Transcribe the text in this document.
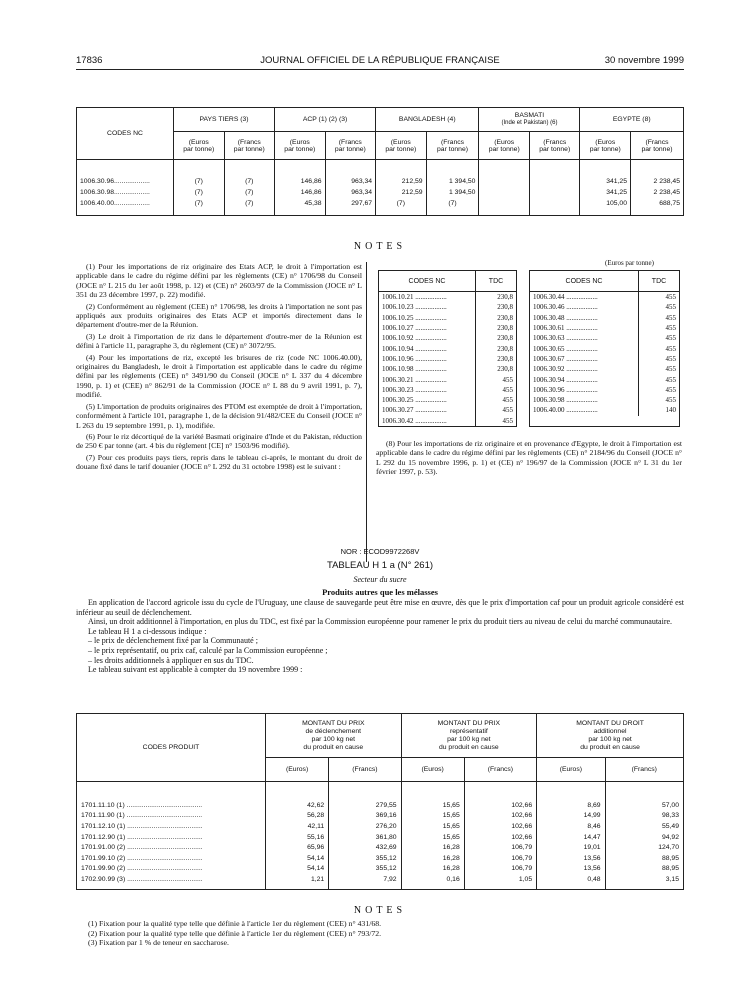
17836	JOURNAL OFFICIEL DE LA RÉPUBLIQUE FRANÇAISE	30 novembre 1999
CODES NC	PAYS TIERS (3)		ACP (1) (2) (3)		BANGLADESH (4)		BASMATI
(Inde et Pakistan) (6)		EGYPTE (8)	
	(Euros
par tonne)	(Francs
par tonne)	(Euros
par tonne)	(Francs
par tonne)	(Euros
par tonne)	(Francs
par tonne)	(Euros
par tonne)	(Francs
par tonne)	(Euros
par tonne)	(Francs
par tonne)

1006.30.96...................	(7)	(7)	146,86	963,34	212,59	1 394,50			341,25	2 238,45
1006.30.98...................	(7)	(7)	146,86	963,34	212,59	1 394,50			341,25	2 238,45
1006.40.00...................	(7)	(7)	45,38	297,67	(7)	(7)			105,00	688,75
NOTES

(1) Pour les importations de riz originaire des Etats ACP, le droit à l'importation est applicable dans le cadre du régime défini par les règlements (CE) n° 1706/98 du Conseil (JOCE n° L 215 du 1er août 1998, p. 12) et (CE) n° 2603/97 de la Commission (JOCE n° L 351 du 23 décembre 1997, p. 22) modifié.

(2) Conformément au règlement (CEE) n° 1706/98, les droits à l'importation ne sont pas appliqués aux produits originaires des Etats ACP et importés directement dans le département d'outre-mer de la Réunion.

(3) Le droit à l'importation de riz dans le département d'outre-mer de la Réunion est défini à l'article 11, paragraphe 3, du règlement (CE) n° 3072/95.

(4) Pour les importations de riz, excepté les brisures de riz (code NC 1006.40.00), originaires du Bangladesh, le droit à l'importation est applicable dans le cadre du régime défini par les règlements (CEE) n° 3491/90 du Conseil (JOCE n° L 337 du 4 décembre 1990, p. 1) et (CEE) n° 862/91 de la Commission (JOCE n° L 88 du 9 avril 1991, p. 7), modifié.

(5) L'importation de produits originaires des PTOM est exemptée de droit à l'importation, conformément à l'article 101, paragraphe 1, de la décision 91/482/CEE du Conseil (JOCE n° L 263 du 19 septembre 1991, p. 1), modifiée.

(6) Pour le riz décortiqué de la variété Basmati originaire d'Inde et du Pakistan, réduction de 250 € par tonne (art. 4 bis du règlement [CE] n° 1503/96 modifié).

(7) Pour ces produits pays tiers, repris dans le tableau ci-après, le montant du droit de douane fixé dans le tarif douanier (JOCE n° L 292 du 31 octobre 1998) est le suivant :

(Euros par tonne)
CODES NC	TDC
1006.10.21 ..................	230,8
1006.10.23 ..................	230,8
1006.10.25 ..................	230,8
1006.10.27 ..................	230,8
1006.10.92 ..................	230,8
1006.10.94 ..................	230,8
1006.10.96 ..................	230,8
1006.10.98 ..................	230,8
1006.30.21 ..................	455
1006.30.23 ..................	455
1006.30.25 ..................	455
1006.30.27 ..................	455
1006.30.42 ..................	455
CODES NC	TDC
1006.30.44 ..................	455
1006.30.46 ..................	455
1006.30.48 ..................	455
1006.30.61 ..................	455
1006.30.63 ..................	455
1006.30.65 ..................	455
1006.30.67 ..................	455
1006.30.92 ..................	455
1006.30.94 ..................	455
1006.30.96 ..................	455
1006.30.98 ..................	455
1006.40.00 ..................	140

(8) Pour les importations de riz originaire et en provenance d'Egypte, le droit à l'importation est applicable dans le cadre du régime défini par les règlements (CE) n° 2184/96 du Conseil (JOCE n° L 292 du 15 novembre 1996, p. 1) et (CE) n° 196/97 de la Commission (JOCE n° L 31 du 1er février 1997, p. 53).

NOR : ECOD9972268V
TABLEAU H 1 a (N° 261)
Secteur du sucre
Produits autres que les mélasses

En application de l'accord agricole issu du cycle de l'Uruguay, une clause de sauvegarde peut être mise en œuvre, dès que le prix d'importation caf pour un produit agricole considéré est inférieur au seuil de déclenchement.

Ainsi, un droit additionnel à l'importation, en plus du TDC, est fixé par la Commission européenne pour ramener le prix du produit tiers au niveau de celui du marché communautaire.

Le tableau H 1 a ci-dessous indique :

– le prix de déclenchement fixé par la Communauté ;

– le prix représentatif, ou prix caf, calculé par la Commission européenne ;

– les droits additionnels à appliquer en sus du TDC.

Le tableau suivant est applicable à compter du 19 novembre 1999 :

CODES PRODUIT	MONTANT DU PRIX
de déclenchement
par 100 kg net
du produit en cause		MONTANT DU PRIX
représentatif
par 100 kg net
du produit en cause		MONTANT DU DROIT
additionnel
par 100 kg net
du produit en cause	
	(Euros)	(Francs)	(Euros)	(Francs)	(Euros)	(Francs)

1701.11.10 (1) ........................................	42,62	279,55	15,65	102,66	8,69	57,00
1701.11.90 (1) ........................................	56,28	369,16	15,65	102,66	14,99	98,33
1701.12.10 (1) ........................................	42,11	276,20	15,65	102,66	8,46	55,49
1701.12.90 (1) ........................................	55,16	361,80	15,65	102,66	14,47	94,92
1701.91.00 (2) ........................................	65,96	432,69	16,28	106,79	19,01	124,70
1701.99.10 (2) ........................................	54,14	355,12	16,28	106,79	13,56	88,95
1701.99.90 (2) ........................................	54,14	355,12	16,28	106,79	13,56	88,95
1702.90.99 (3) ........................................	1,21	7,92	0,16	1,05	0,48	3,15
NOTES
(1) Fixation pour la qualité type telle que définie à l'article 1er du règlement (CEE) n° 431/68.
(2) Fixation pour la qualité type telle que définie à l'article 1er du règlement (CEE) n° 793/72.
(3) Fixation par 1 % de teneur en saccharose.
